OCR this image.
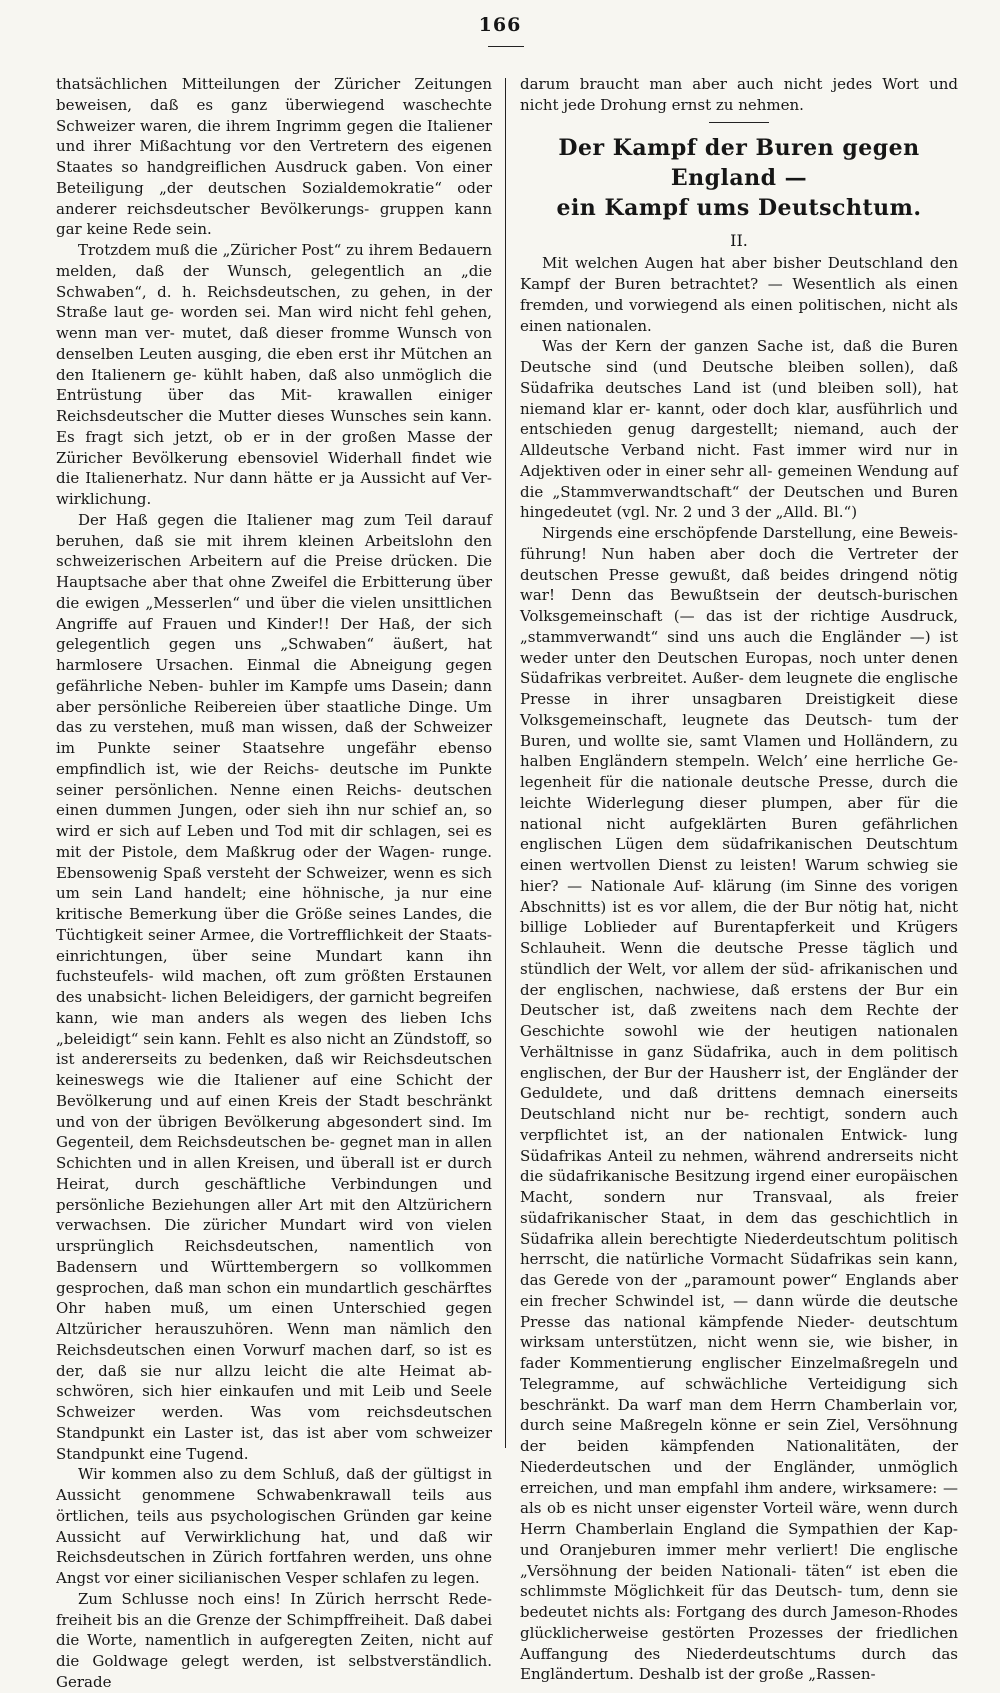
166

thatsächlichen Mitteilungen der Züricher Zeitungen beweisen, daß es ganz überwiegend waschechte Schweizer waren, die ihrem Ingrimm gegen die Italiener und ihrer Mißachtung vor den Vertretern des eigenen Staates so handgreiflichen Ausdruck gaben. Von einer Beteiligung „der deutschen Sozialdemokratie“ oder anderer reichsdeutscher Bevölkerungs- gruppen kann gar keine Rede sein.

Trotzdem muß die „Züricher Post“ zu ihrem Bedauern melden, daß der Wunsch, gelegentlich an „die Schwaben“, d. h. Reichsdeutschen, zu gehen, in der Straße laut ge- worden sei. Man wird nicht fehl gehen, wenn man ver- mutet, daß dieser fromme Wunsch von denselben Leuten ausging, die eben erst ihr Mütchen an den Italienern ge- kühlt haben, daß also unmöglich die Entrüstung über das Mit- krawallen einiger Reichsdeutscher die Mutter dieses Wunsches sein kann. Es fragt sich jetzt, ob er in der großen Masse der Züricher Bevölkerung ebensoviel Widerhall findet wie die Italienerhatz. Nur dann hätte er ja Aussicht auf Ver- wirklichung.

Der Haß gegen die Italiener mag zum Teil darauf beruhen, daß sie mit ihrem kleinen Arbeitslohn den schweizerischen Arbeitern auf die Preise drücken. Die Hauptsache aber that ohne Zweifel die Erbitterung über die ewigen „Messerlen“ und über die vielen unsittlichen Angriffe auf Frauen und Kinder!! Der Haß, der sich gelegentlich gegen uns „Schwaben“ äußert, hat harmlosere Ursachen. Einmal die Abneigung gegen gefährliche Neben- buhler im Kampfe ums Dasein; dann aber persönliche Reibereien über staatliche Dinge. Um das zu verstehen, muß man wissen, daß der Schweizer im Punkte seiner Staatsehre ungefähr ebenso empfindlich ist, wie der Reichs- deutsche im Punkte seiner persönlichen. Nenne einen Reichs- deutschen einen dummen Jungen, oder sieh ihn nur schief an, so wird er sich auf Leben und Tod mit dir schlagen, sei es mit der Pistole, dem Maßkrug oder der Wagen- runge. Ebensowenig Spaß versteht der Schweizer, wenn es sich um sein Land handelt; eine höhnische, ja nur eine kritische Bemerkung über die Größe seines Landes, die Tüchtigkeit seiner Armee, die Vortrefflichkeit der Staats- einrichtungen, über seine Mundart kann ihn fuchsteufels- wild machen, oft zum größten Erstaunen des unabsicht- lichen Beleidigers, der garnicht begreifen kann, wie man anders als wegen des lieben Ichs „beleidigt“ sein kann. Fehlt es also nicht an Zündstoff, so ist andererseits zu bedenken, daß wir Reichsdeutschen keineswegs wie die Italiener auf eine Schicht der Bevölkerung und auf einen Kreis der Stadt beschränkt und von der übrigen Bevölkerung abgesondert sind. Im Gegenteil, dem Reichsdeutschen be- gegnet man in allen Schichten und in allen Kreisen, und überall ist er durch Heirat, durch geschäftliche Verbindungen und persönliche Beziehungen aller Art mit den Altzürichern verwachsen. Die züricher Mundart wird von vielen ursprünglich Reichsdeutschen, namentlich von Badensern und Württembergern so vollkommen gesprochen, daß man schon ein mundartlich geschärftes Ohr haben muß, um einen Unterschied gegen Altzüricher herauszuhören. Wenn man nämlich den Reichsdeutschen einen Vorwurf machen darf, so ist es der, daß sie nur allzu leicht die alte Heimat ab- schwören, sich hier einkaufen und mit Leib und Seele Schweizer werden. Was vom reichsdeutschen Standpunkt ein Laster ist, das ist aber vom schweizer Standpunkt eine Tugend.

Wir kommen also zu dem Schluß, daß der gültigst in Aussicht genommene Schwabenkrawall teils aus örtlichen, teils aus psychologischen Gründen gar keine Aussicht auf Verwirklichung hat, und daß wir Reichsdeutschen in Zürich fortfahren werden, uns ohne Angst vor einer sicilianischen Vesper schlafen zu legen.

Zum Schlusse noch eins! In Zürich herrscht Rede- freiheit bis an die Grenze der Schimpffreiheit. Daß dabei die Worte, namentlich in aufgeregten Zeiten, nicht auf die Goldwage gelegt werden, ist selbstverständlich. Gerade

darum braucht man aber auch nicht jedes Wort und nicht jede Drohung ernst zu nehmen.

Der Kampf der Buren gegen England —
ein Kampf ums Deutschtum.
II.

Mit welchen Augen hat aber bisher Deutschland den Kampf der Buren betrachtet? — Wesentlich als einen fremden, und vorwiegend als einen politischen, nicht als einen nationalen.

Was der Kern der ganzen Sache ist, daß die Buren Deutsche sind (und Deutsche bleiben sollen), daß Südafrika deutsches Land ist (und bleiben soll), hat niemand klar er- kannt, oder doch klar, ausführlich und entschieden genug dargestellt; niemand, auch der Alldeutsche Verband nicht. Fast immer wird nur in Adjektiven oder in einer sehr all- gemeinen Wendung auf die „Stammverwandtschaft“ der Deutschen und Buren hingedeutet (vgl. Nr. 2 und 3 der „Alld. Bl.“)

Nirgends eine erschöpfende Darstellung, eine Beweis- führung! Nun haben aber doch die Vertreter der deutschen Presse gewußt, daß beides dringend nötig war! Denn das Bewußtsein der deutsch-burischen Volksgemeinschaft (— das ist der richtige Ausdruck, „stammverwandt“ sind uns auch die Engländer —) ist weder unter den Deutschen Europas, noch unter denen Südafrikas verbreitet. Außer- dem leugnete die englische Presse in ihrer unsagbaren Dreistigkeit diese Volksgemeinschaft, leugnete das Deutsch- tum der Buren, und wollte sie, samt Vlamen und Holländern, zu halben Engländern stempeln. Welch’ eine herrliche Ge- legenheit für die nationale deutsche Presse, durch die leichte Widerlegung dieser plumpen, aber für die national nicht aufgeklärten Buren gefährlichen englischen Lügen dem südafrikanischen Deutschtum einen wertvollen Dienst zu leisten! Warum schwieg sie hier? — Nationale Auf- klärung (im Sinne des vorigen Abschnitts) ist es vor allem, die der Bur nötig hat, nicht billige Loblieder auf Burentapferkeit und Krügers Schlauheit. Wenn die deutsche Presse täglich und stündlich der Welt, vor allem der süd- afrikanischen und der englischen, nachwiese, daß erstens der Bur ein Deutscher ist, daß zweitens nach dem Rechte der Geschichte sowohl wie der heutigen nationalen Verhältnisse in ganz Südafrika, auch in dem politisch englischen, der Bur der Hausherr ist, der Engländer der Geduldete, und daß drittens demnach einerseits Deutschland nicht nur be- rechtigt, sondern auch verpflichtet ist, an der nationalen Entwick- lung Südafrikas Anteil zu nehmen, während andrerseits nicht die südafrikanische Besitzung irgend einer europäischen Macht, sondern nur Transvaal, als freier südafrikanischer Staat, in dem das geschichtlich in Südafrika allein berechtigte Niederdeutschtum politisch herrscht, die natürliche Vormacht Südafrikas sein kann, das Gerede von der „paramount power“ Englands aber ein frecher Schwindel ist, — dann würde die deutsche Presse das national kämpfende Nieder- deutschtum wirksam unterstützen, nicht wenn sie, wie bisher, in fader Kommentierung englischer Einzelmaßregeln und Telegramme, auf schwächliche Verteidigung sich beschränkt. Da warf man dem Herrn Chamberlain vor, durch seine Maßregeln könne er sein Ziel, Versöhnung der beiden kämpfenden Nationalitäten, der Niederdeutschen und der Engländer, unmöglich erreichen, und man empfahl ihm andere, wirksamere: — als ob es nicht unser eigenster Vorteil wäre, wenn durch Herrn Chamberlain England die Sympathien der Kap- und Oranjeburen immer mehr verliert! Die englische „Versöhnung der beiden Nationali- täten“ ist eben die schlimmste Möglichkeit für das Deutsch- tum, denn sie bedeutet nichts als: Fortgang des durch Jameson-Rhodes glücklicherweise gestörten Prozesses der friedlichen Auffangung des Niederdeutschtums durch das Engländertum. Deshalb ist der große „Rassen-
